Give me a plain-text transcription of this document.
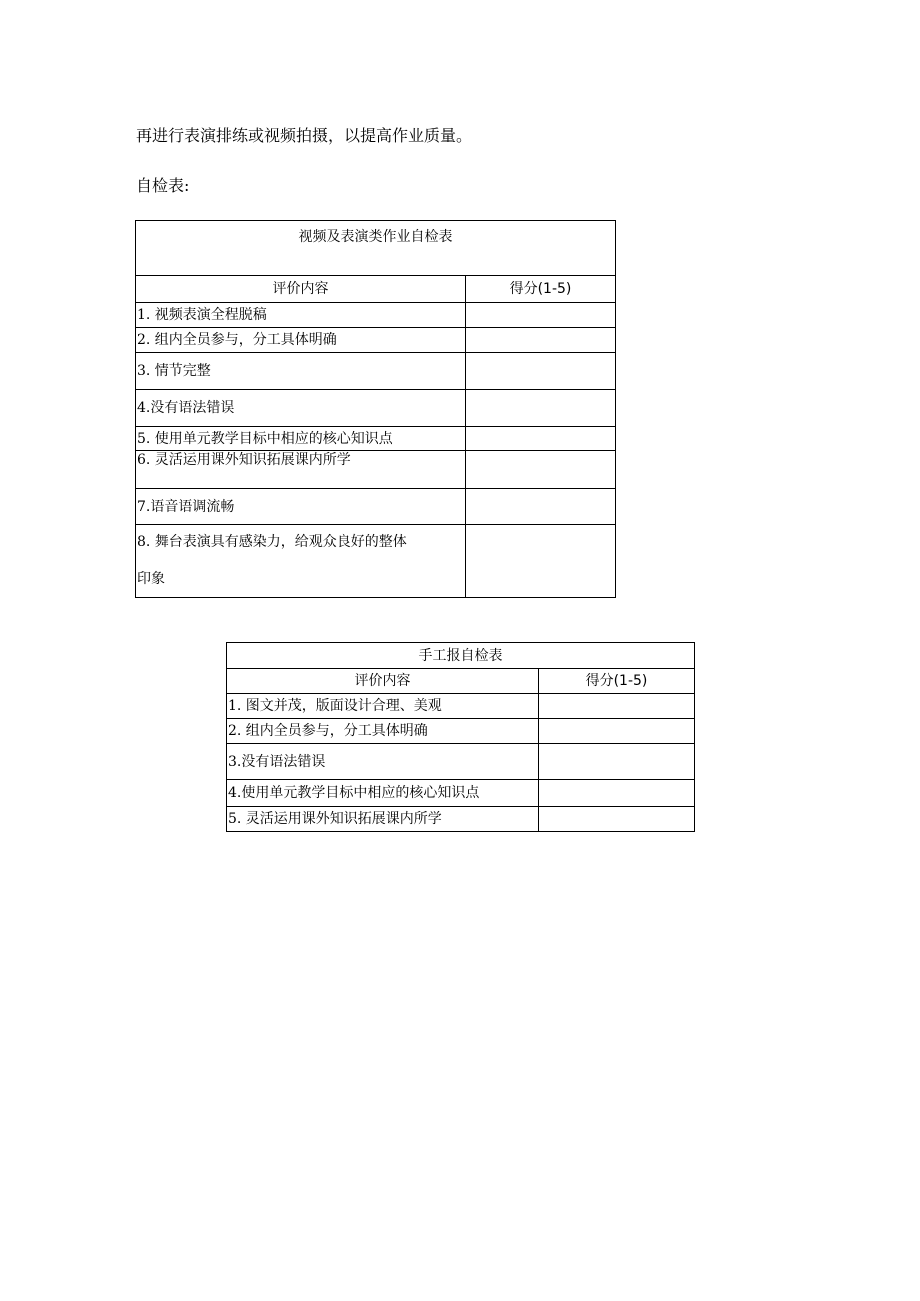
再进行表演排练或视频拍摄，以提高作业质量。

自检表:

视频及表演类作业自检表	
评价内容	得分(1-5)
1. 视频表演全程脱稿	
2. 组内全员参与，分工具体明确	
3. 情节完整	
4.没有语法错误	
5. 使用单元教学目标中相应的核心知识点	
6. 灵活运用课外知识拓展课内所学	
7.语音语调流畅	

8. 舞台表演具有感染力，给观众良好的整体
印象	

手工报自检表	
评价内容	得分(1-5)
1. 图文并茂，版面设计合理、美观	
2. 组内全员参与，分工具体明确	
3.没有语法错误	
4.使用单元教学目标中相应的核心知识点	
5. 灵活运用课外知识拓展课内所学	
